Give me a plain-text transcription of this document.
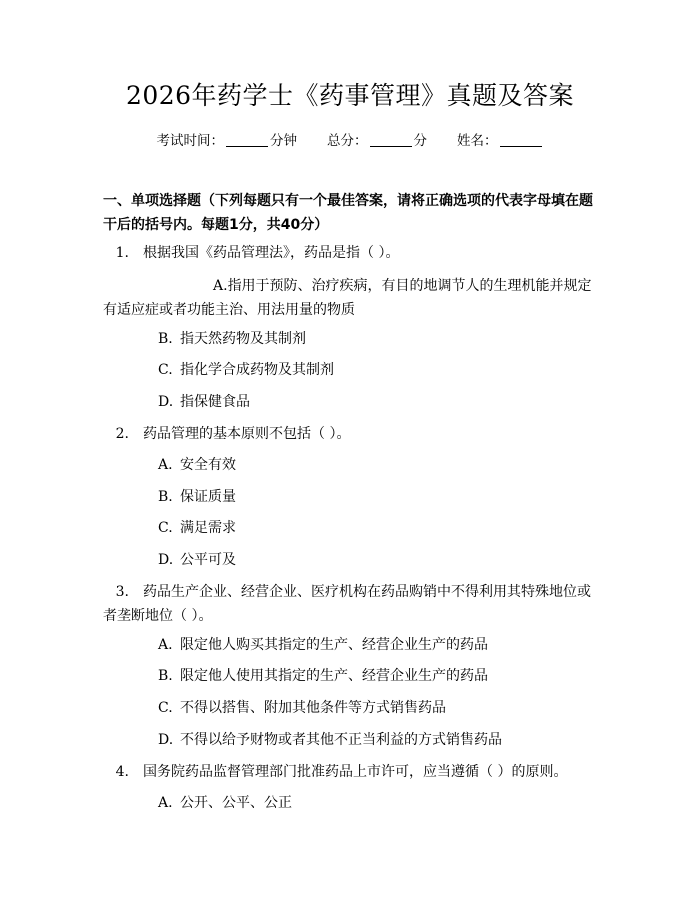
2026年药学士《药事管理》真题及答案
考试时间：	分钟 总分：	分 姓名：
一、单项选择题（下列每题只有一个最佳答案，请将正确选项的代表字母填在题干后的括号内。每题1分，共40分）
1. 根据我国《药品管理法》，药品是指（ ）。
A.指用于预防、治疗疾病，有目的地调节人的生理机能并规定有适应症或者功能主治、用法用量的物质
B. 指天然药物及其制剂
C. 指化学合成药物及其制剂
D. 指保健食品
2. 药品管理的基本原则不包括（ ）。
A. 安全有效
B. 保证质量
C. 满足需求
D. 公平可及
3. 药品生产企业、经营企业、医疗机构在药品购销中不得利用其特殊地位或者垄断地位（ ）。
A. 限定他人购买其指定的生产、经营企业生产的药品
B. 限定他人使用其指定的生产、经营企业生产的药品
C. 不得以搭售、附加其他条件等方式销售药品
D. 不得以给予财物或者其他不正当利益的方式销售药品
4. 国务院药品监督管理部门批准药品上市许可，应当遵循（ ）的原则。
A. 公开、公平、公正
